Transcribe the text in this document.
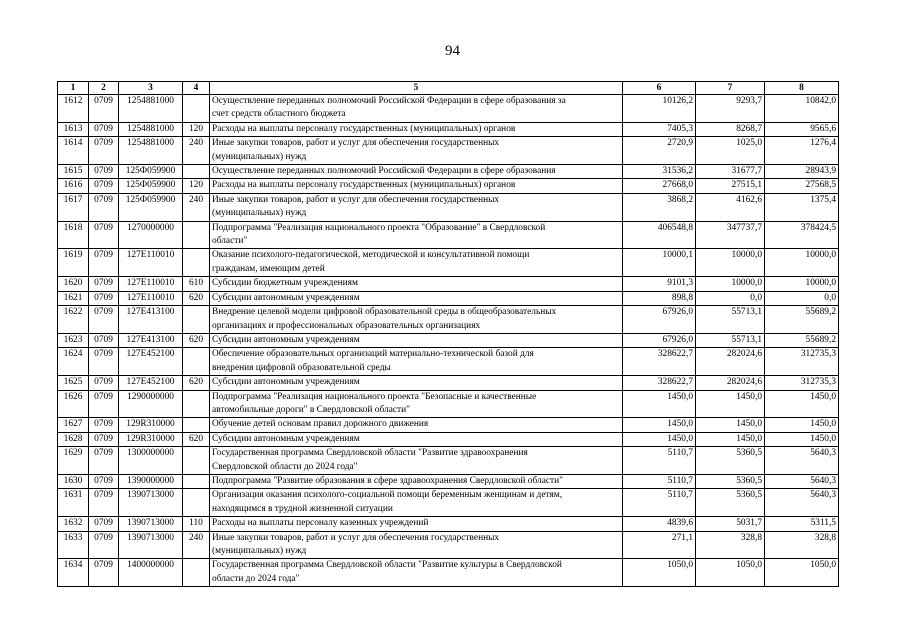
94
1	2	3	4	5	6	7	8
1612	0709	1254881000		Осуществление переданных полномочий Российской Федерации в сфере образования за
счет средств областного бюджета	10126,2	9293,7	10842,0
1613	0709	1254881000	120	Расходы на выплаты персоналу государственных (муниципальных) органов	7405,3	8268,7	9565,6
1614	0709	1254881000	240	Иные закупки товаров, работ и услуг для обеспечения государственных
(муниципальных) нужд	2720,9	1025,0	1276,4
1615	0709	125Ф059900		Осуществление переданных полномочий Российской Федерации в сфере образования	31536,2	31677,7	28943,9
1616	0709	125Ф059900	120	Расходы на выплаты персоналу государственных (муниципальных) органов	27668,0	27515,1	27568,5
1617	0709	125Ф059900	240	Иные закупки товаров, работ и услуг для обеспечения государственных
(муниципальных) нужд	3868,2	4162,6	1375,4
1618	0709	1270000000		Подпрограмма "Реализация национального проекта "Образование" в Свердловской
области"	406548,8	347737,7	378424,5
1619	0709	127E110010		Оказание психолого-педагогической, методической и консультативной помощи
гражданам, имеющим детей	10000,1	10000,0	10000,0
1620	0709	127E110010	610	Субсидии бюджетным учреждениям	9101,3	10000,0	10000,0
1621	0709	127E110010	620	Субсидии автономным учреждениям	898,8	0,0	0,0
1622	0709	127E413100		Внедрение целевой модели цифровой образовательной среды в общеобразовательных
организациях и профессиональных образовательных организациях	67926,0	55713,1	55689,2
1623	0709	127E413100	620	Субсидии автономным учреждениям	67926,0	55713,1	55689,2
1624	0709	127E452100		Обеспечение образовательных организаций материально-технической базой для
внедрения цифровой образовательной среды	328622,7	282024,6	312735,3
1625	0709	127E452100	620	Субсидии автономным учреждениям	328622,7	282024,6	312735,3
1626	0709	1290000000		Подпрограмма "Реализация национального проекта "Безопасные и качественные
автомобильные дороги" в Свердловской области"	1450,0	1450,0	1450,0
1627	0709	129R310000		Обучение детей основам правил дорожного движения	1450,0	1450,0	1450,0
1628	0709	129R310000	620	Субсидии автономным учреждениям	1450,0	1450,0	1450,0
1629	0709	1300000000		Государственная программа Свердловской области "Развитие здравоохранения
Свердловской области до 2024 года"	5110,7	5360,5	5640,3
1630	0709	1390000000		Подпрограмма "Развитие образования в сфере здравоохранения Свердловской области"	5110,7	5360,5	5640,3
1631	0709	1390713000		Организация оказания психолого-социальной помощи беременным женщинам и детям,
находящимся в трудной жизненной ситуации	5110,7	5360,5	5640,3
1632	0709	1390713000	110	Расходы на выплаты персоналу казенных учреждений	4839,6	5031,7	5311,5
1633	0709	1390713000	240	Иные закупки товаров, работ и услуг для обеспечения государственных
(муниципальных) нужд	271,1	328,8	328,8
1634	0709	1400000000		Государственная программа Свердловской области "Развитие культуры в Свердловской
области до 2024 года"	1050,0	1050,0	1050,0
